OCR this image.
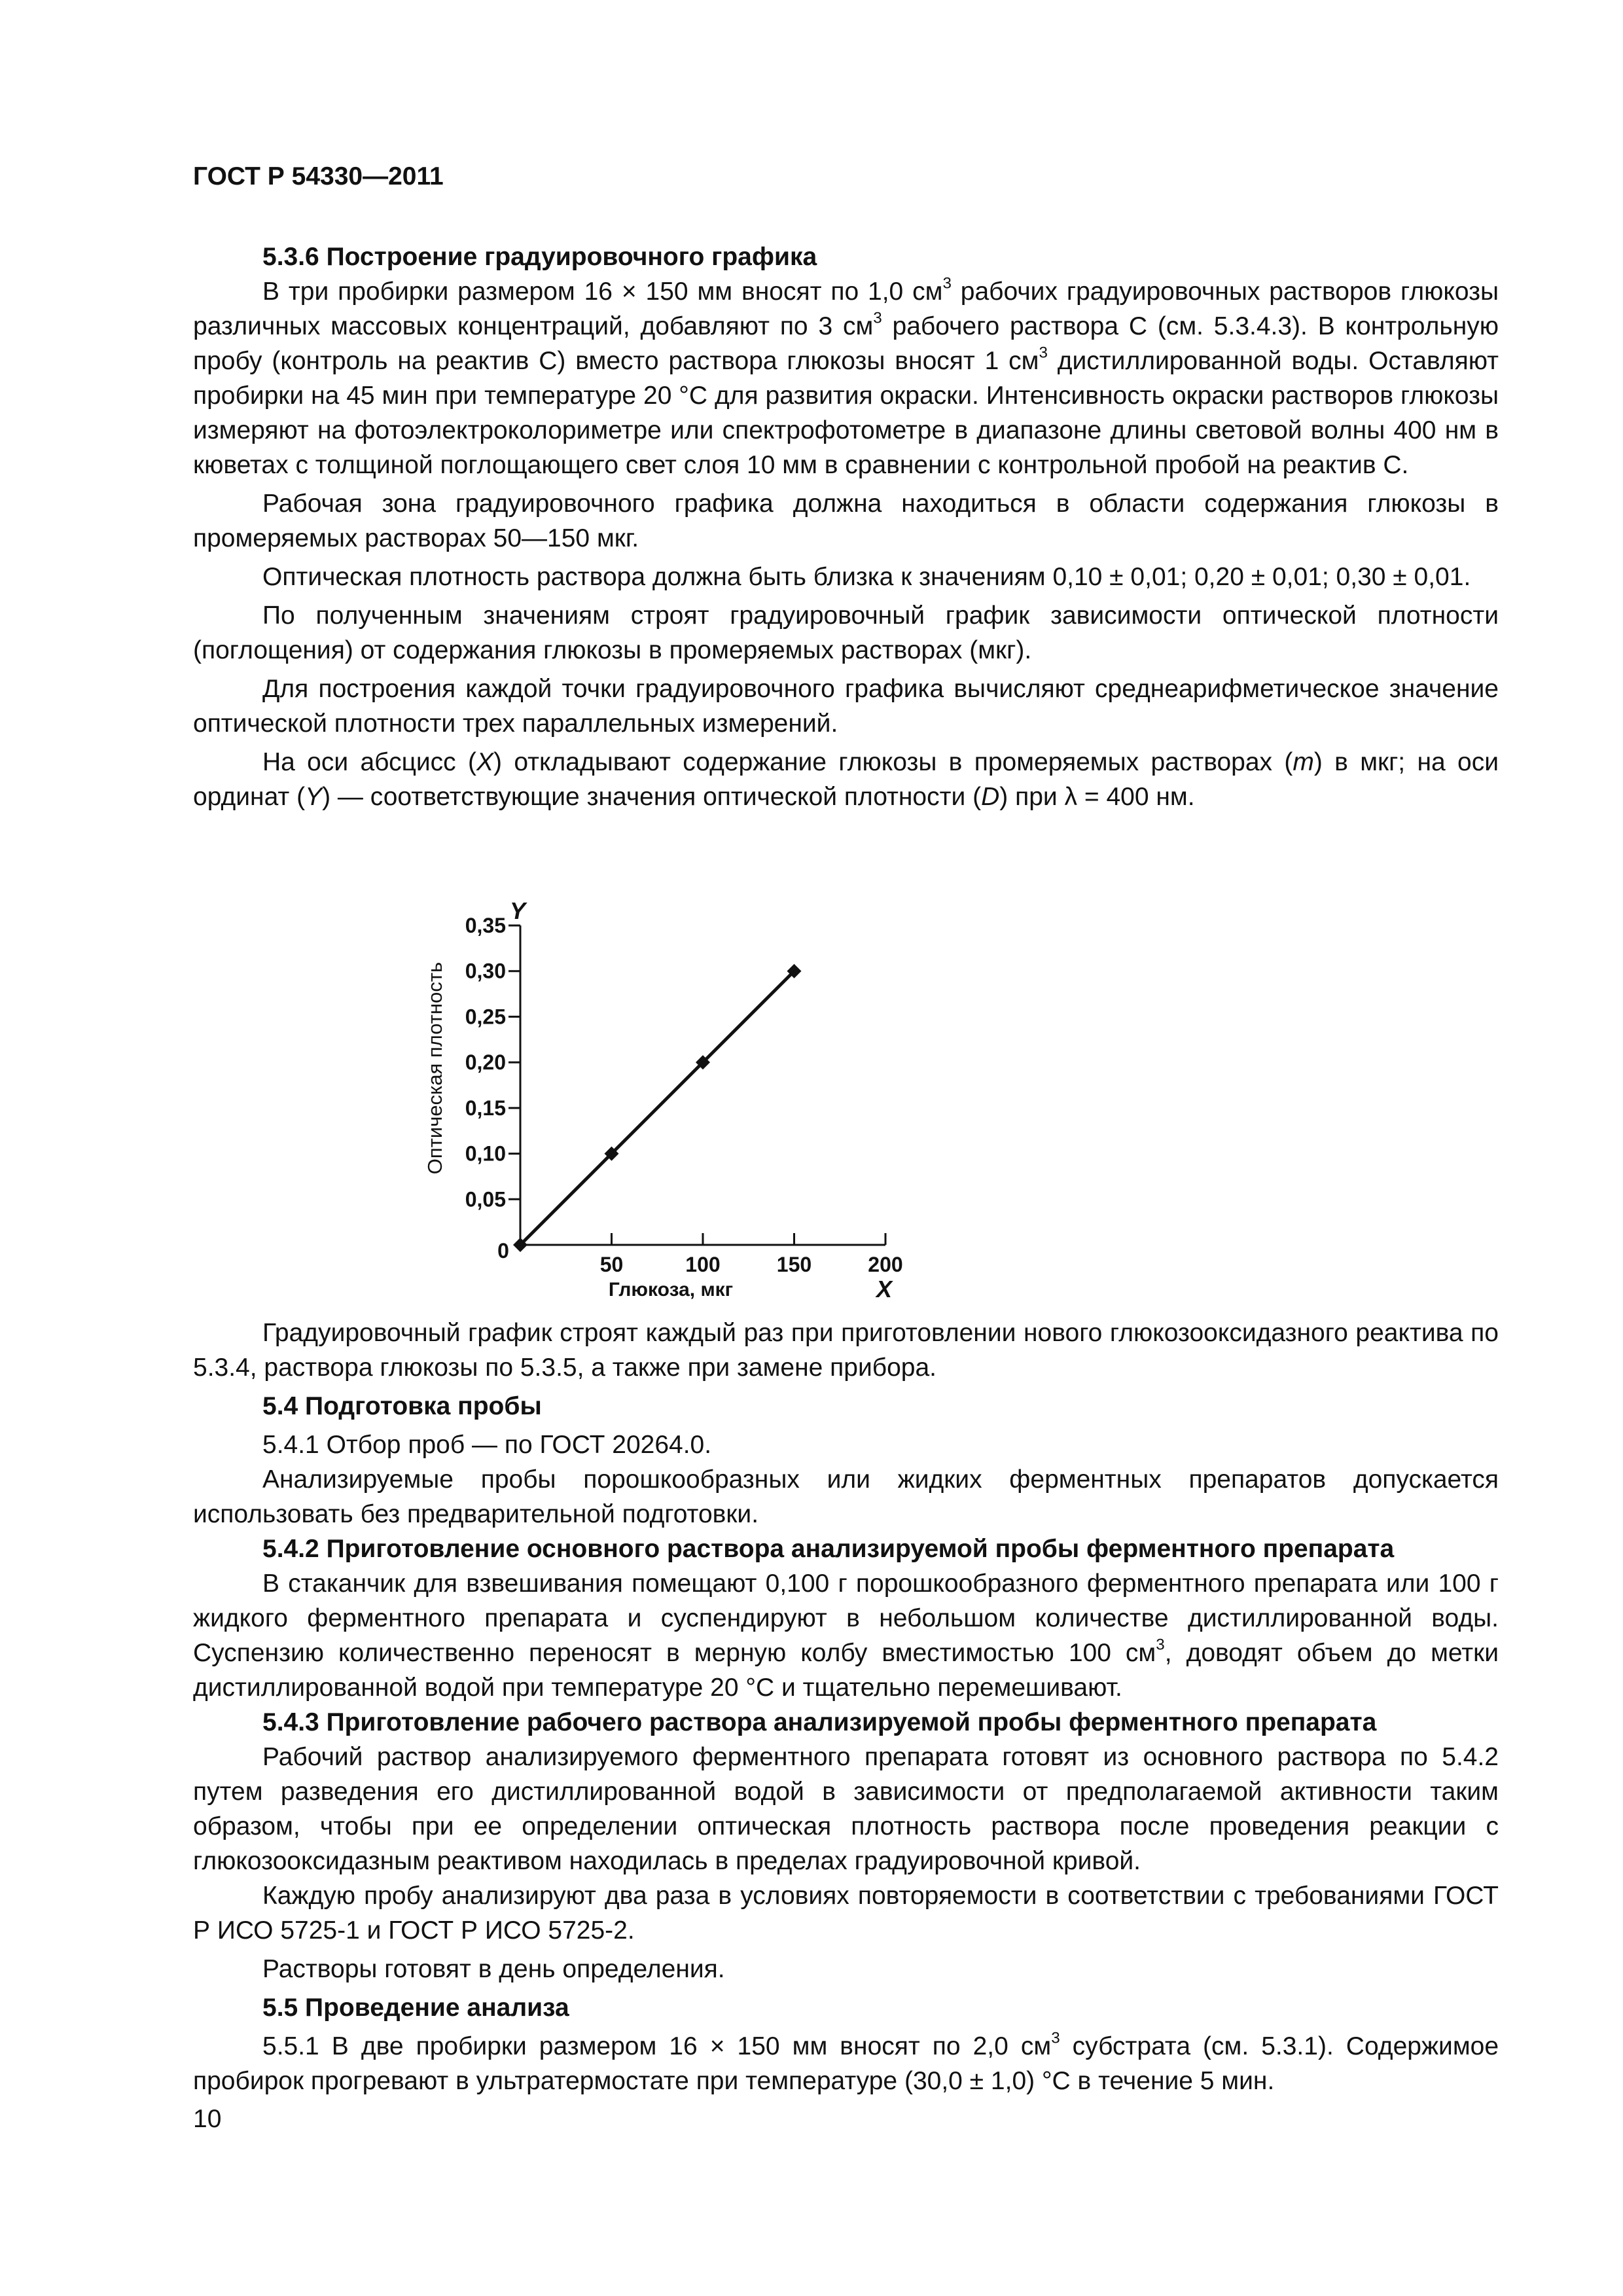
ГОСТ Р 54330—2011

5.3.6 Построение градуировочного графика

В три пробирки размером 16 × 150 мм вносят по 1,0 $см^3$ рабочих градуировочных растворов глюкозы различных массовых концентраций, добавляют по 3 $см^3$ рабочего раствора С (см. 5.3.4.3). В контрольную пробу (контроль на реактив С) вместо раствора глюкозы вносят 1 $см^3$ дистиллированной воды. Оставляют пробирки на 45 мин при температуре 20 °С для развития окраски. Интенсивность окраски растворов глюкозы измеряют на фотоэлектроколориметре или спектрофотометре в диапазоне длины световой волны 400 нм в кюветах с толщиной поглощающего свет слоя 10 мм в сравнении с контрольной пробой на реактив С.

Рабочая зона градуировочного графика должна находиться в области содержания глюкозы в промеряемых растворах 50—150 мкг.

Оптическая плотность раствора должна быть близка к значениям 0,10 ± 0,01; 0,20 ± 0,01; 0,30 ± 0,01.

По полученным значениям строят градуировочный график зависимости оптической плотности (поглощения) от содержания глюкозы в промеряемых растворах (мкг).

Для построения каждой точки градуировочного графика вычисляют среднеарифметическое значение оптической плотности трех параллельных измерений.

На оси абсцисс (X) откладывают содержание глюкозы в промеряемых растворах (m) в мкг; на оси ординат (Y) — соответствующие значения оптической плотности (D) при λ = 400 нм.

0,05
0,10
0,15
0,20
0,25
0,30
0,35
50	100	150	200
0
Y
X
Глюкоза, мкг
Оптическая плотность

Градуировочный график строят каждый раз при приготовлении нового глюкозооксидазного реактива по 5.3.4, раствора глюкозы по 5.3.5, а также при замене прибора.

5.4 Подготовка пробы

5.4.1 Отбор проб — по ГОСТ 20264.0.

Анализируемые пробы порошкообразных или жидких ферментных препаратов допускается использовать без предварительной подготовки.

5.4.2 Приготовление основного раствора анализируемой пробы ферментного препарата

В стаканчик для взвешивания помещают 0,100 г порошкообразного ферментного препарата или 100 г жидкого ферментного препарата и суспендируют в небольшом количестве дистиллированной воды. Суспензию количественно переносят в мерную колбу вместимостью 100 $см^3$, доводят объем до метки дистиллированной водой при температуре 20 °С и тщательно перемешивают.

5.4.3 Приготовление рабочего раствора анализируемой пробы ферментного препарата

Рабочий раствор анализируемого ферментного препарата готовят из основного раствора по 5.4.2 путем разведения его дистиллированной водой в зависимости от предполагаемой активности таким образом, чтобы при ее определении оптическая плотность раствора после проведения реакции с глюкозооксидазным реактивом находилась в пределах градуировочной кривой.

Каждую пробу анализируют два раза в условиях повторяемости в соответствии с требованиями ГОСТ Р ИСО 5725-1 и ГОСТ Р ИСО 5725-2.

Растворы готовят в день определения.

5.5 Проведение анализа

5.5.1 В две пробирки размером 16 × 150 мм вносят по 2,0 $см^3$ субстрата (см. 5.3.1). Содержимое пробирок прогревают в ультратермостате при температуре (30,0 ± 1,0) °С в течение 5 мин.

10
